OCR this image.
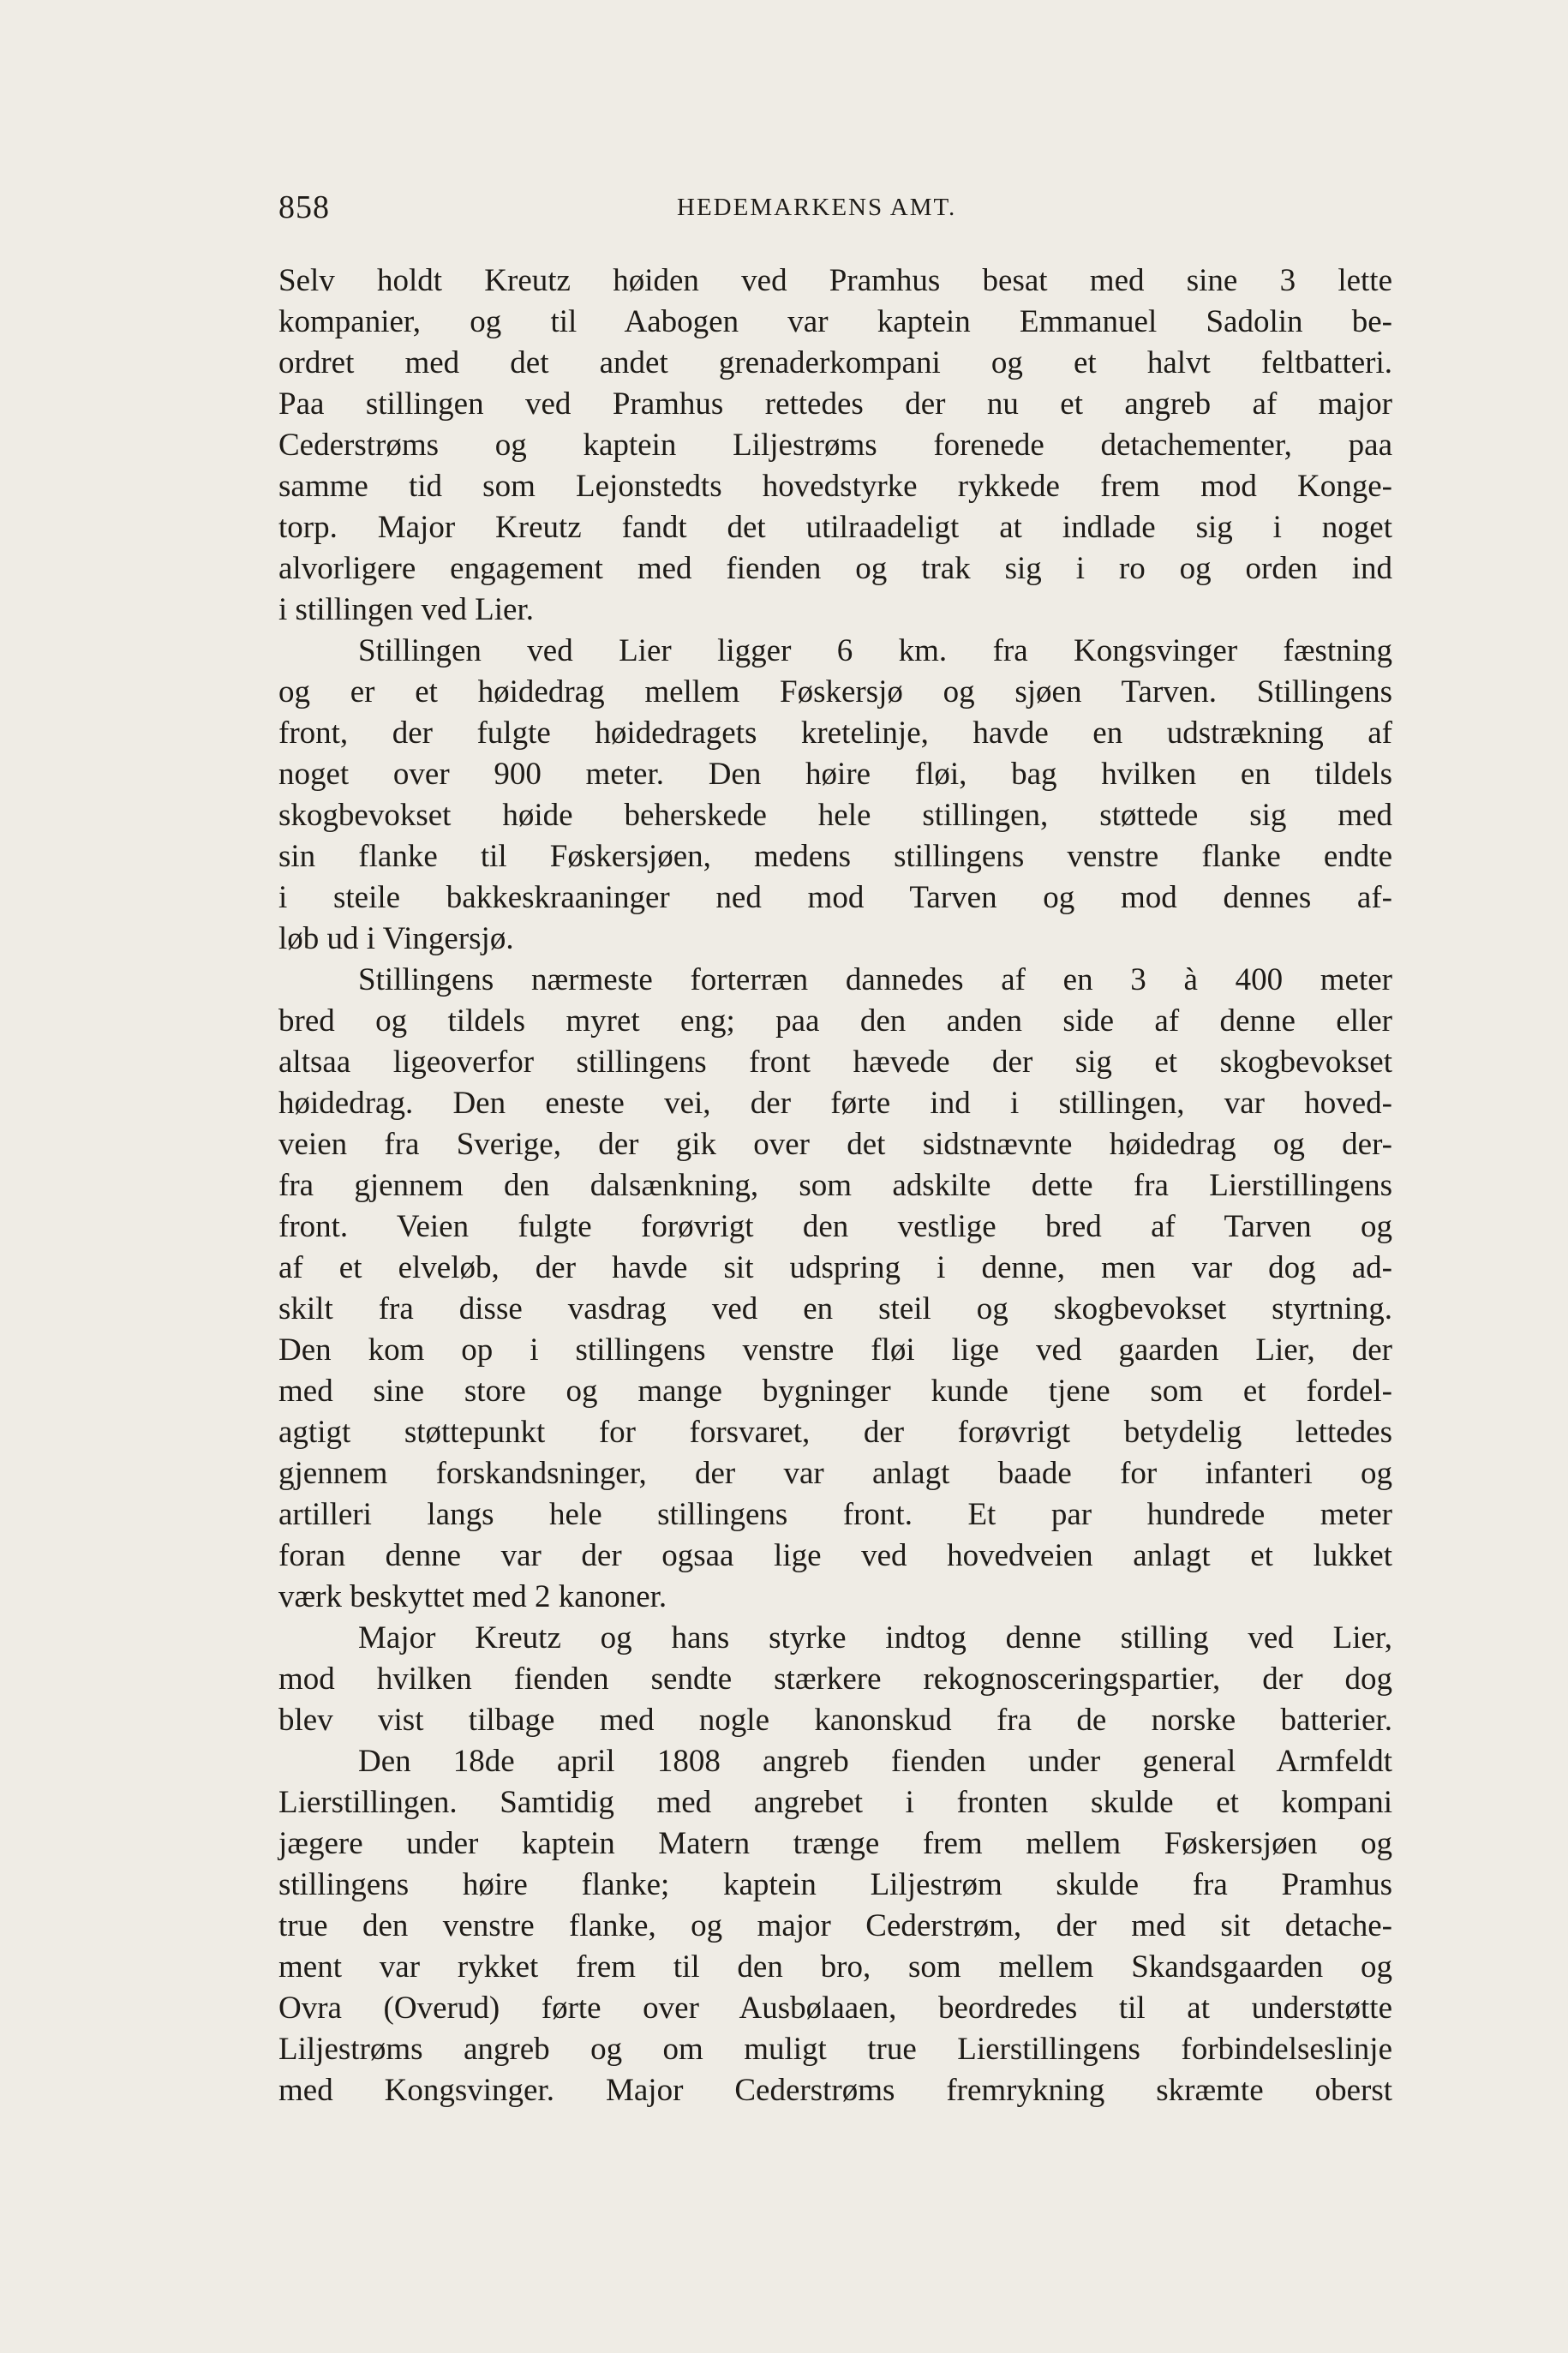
858	HEDEMARKENS AMT.
Selv holdt Kreutz høiden ved Pramhus besat med sine 3 lette
kompanier, og til Aabogen var kaptein Emmanuel Sadolin be-
ordret med det andet grenaderkompani og et halvt feltbatteri.
Paa stillingen ved Pramhus rettedes der nu et angreb af major
Cederstrøms og kaptein Liljestrøms forenede detachementer, paa
samme tid som Lejonstedts hovedstyrke rykkede frem mod Konge-
torp. Major Kreutz fandt det utilraadeligt at indlade sig i noget
alvorligere engagement med fienden og trak sig i ro og orden ind
i stillingen ved Lier.
Stillingen ved Lier ligger 6 km. fra Kongsvinger fæstning
og er et høidedrag mellem Føskersjø og sjøen Tarven. Stillingens
front, der fulgte høidedragets kretelinje, havde en udstrækning af
noget over 900 meter. Den høire fløi, bag hvilken en tildels
skogbevokset høide beherskede hele stillingen, støttede sig med
sin flanke til Føskersjøen, medens stillingens venstre flanke endte
i steile bakkeskraaninger ned mod Tarven og mod dennes af-
løb ud i Vingersjø.
Stillingens nærmeste forterræn dannedes af en 3 à 400 meter
bred og tildels myret eng; paa den anden side af denne eller
altsaa ligeoverfor stillingens front hævede der sig et skogbevokset
høidedrag. Den eneste vei, der førte ind i stillingen, var hoved-
veien fra Sverige, der gik over det sidstnævnte høidedrag og der-
fra gjennem den dalsænkning, som adskilte dette fra Lierstillingens
front. Veien fulgte forøvrigt den vestlige bred af Tarven og
af et elveløb, der havde sit udspring i denne, men var dog ad-
skilt fra disse vasdrag ved en steil og skogbevokset styrtning.
Den kom op i stillingens venstre fløi lige ved gaarden Lier, der
med sine store og mange bygninger kunde tjene som et fordel-
agtigt støttepunkt for forsvaret, der forøvrigt betydelig lettedes
gjennem forskandsninger, der var anlagt baade for infanteri og
artilleri langs hele stillingens front. Et par hundrede meter
foran denne var der ogsaa lige ved hovedveien anlagt et lukket
værk beskyttet med 2 kanoner.
Major Kreutz og hans styrke indtog denne stilling ved Lier,
mod hvilken fienden sendte stærkere rekognosceringspartier, der dog
blev vist tilbage med nogle kanonskud fra de norske batterier.
Den 18de april 1808 angreb fienden under general Armfeldt
Lierstillingen. Samtidig med angrebet i fronten skulde et kompani
jægere under kaptein Matern trænge frem mellem Føskersjøen og
stillingens høire flanke; kaptein Liljestrøm skulde fra Pramhus
true den venstre flanke, og major Cederstrøm, der med sit detache-
ment var rykket frem til den bro, som mellem Skandsgaarden og
Ovra (Overud) førte over Ausbølaaen, beordredes til at understøtte
Liljestrøms angreb og om muligt true Lierstillingens forbindelseslinje
med Kongsvinger. Major Cederstrøms fremrykning skræmte oberst
